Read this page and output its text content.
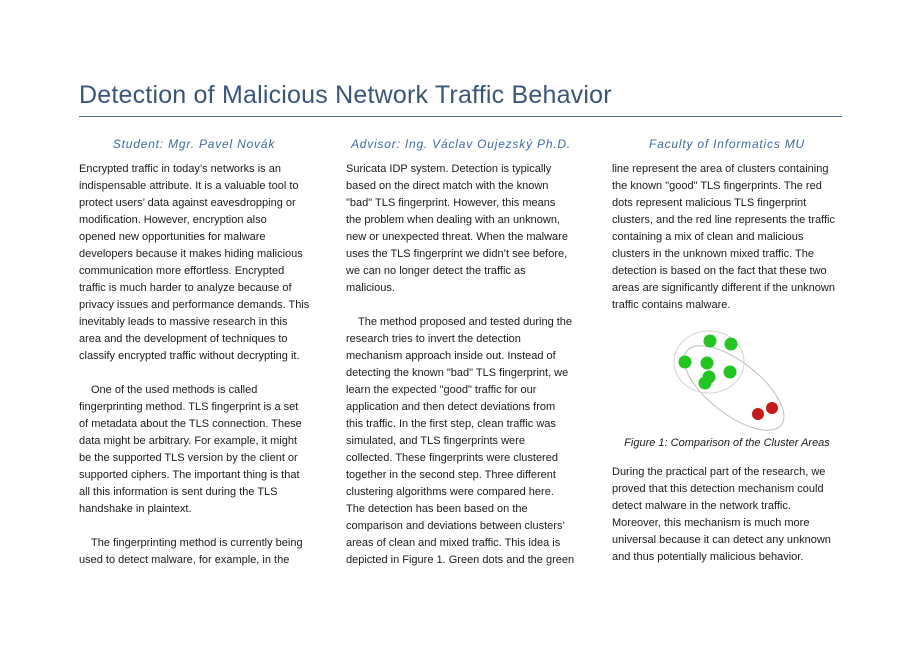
Detection of Malicious Network Traffic Behavior
Student: Mgr. Pavel Novák	Advisor: Ing. Václav Oujezský Ph.D.	Faculty of Informatics MU

Encrypted traffic in today’s networks is an
indispensable attribute. It is a valuable tool to
protect users’ data against eavesdropping or
modification. However, encryption also
opened new opportunities for malware
developers because it makes hiding malicious
communication more effortless. Encrypted
traffic is much harder to analyze because of
privacy issues and performance demands. This
inevitably leads to massive research in this
area and the development of techniques to
classify encrypted traffic without decrypting it.

One of the used methods is called
fingerprinting method. TLS fingerprint is a set
of metadata about the TLS connection. These
data might be arbitrary. For example, it might
be the supported TLS version by the client or
supported ciphers. The important thing is that
all this information is sent during the TLS
handshake in plaintext.

The fingerprinting method is currently being
used to detect malware, for example, in the

Suricata IDP system. Detection is typically
based on the direct match with the known
"bad" TLS fingerprint. However, this means
the problem when dealing with an unknown,
new or unexpected threat. When the malware
uses the TLS fingerprint we didn’t see before,
we can no longer detect the traffic as
malicious.

The method proposed and tested during the
research tries to invert the detection
mechanism approach inside out. Instead of
detecting the known "bad" TLS fingerprint, we
learn the expected "good" traffic for our
application and then detect deviations from
this traffic. In the first step, clean traffic was
simulated, and TLS fingerprints were
collected. These fingerprints were clustered
together in the second step. Three different
clustering algorithms were compared here.
The detection has been based on the
comparison and deviations between clusters’
areas of clean and mixed traffic. This idea is
depicted in Figure 1. Green dots and the green

line represent the area of clusters containing
the known "good" TLS fingerprints. The red
dots represent malicious TLS fingerprint
clusters, and the red line represents the traffic
containing a mix of clean and malicious
clusters in the unknown mixed traffic. The
detection is based on the fact that these two
areas are significantly different if the unknown
traffic contains malware.

Figure 1: Comparison of the Cluster Areas

During the practical part of the research, we
proved that this detection mechanism could
detect malware in the network traffic.
Moreover, this mechanism is much more
universal because it can detect any unknown
and thus potentially malicious behavior.
